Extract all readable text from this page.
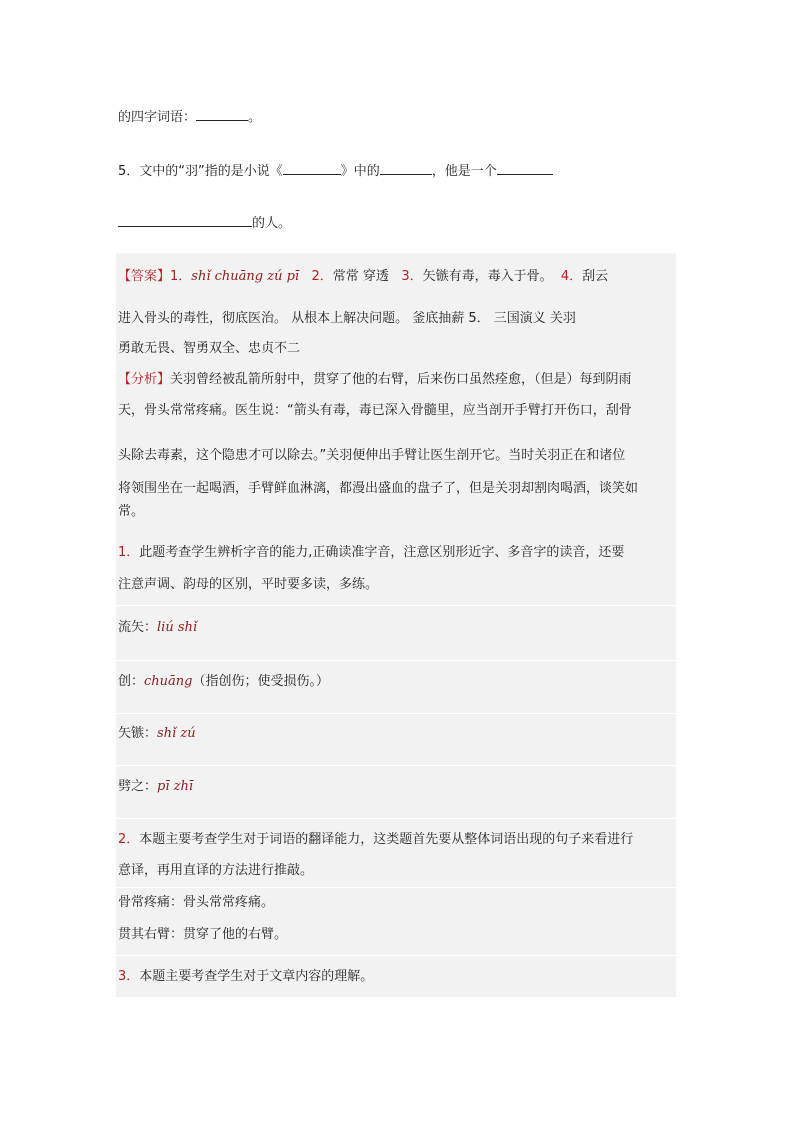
的四字词语：	。
5．文中的“羽”指的是小说《	》中的	，他是一个
的人。
【答案】1．shǐ chuāng zú pī 2．常常 穿透 3．矢镞有毒，毒入于骨。 4．刮云
进入骨头的毒性，彻底医治。 从根本上解决问题。 釜底抽薪 5． 三国演义 关羽
勇敢无畏、智勇双全、忠贞不二
【分析】关羽曾经被乱箭所射中，贯穿了他的右臂，后来伤口虽然痊愈，（但是）每到阴雨
天，骨头常常疼痛。医生说：“箭头有毒，毒已深入骨髓里，应当剖开手臂打开伤口，刮骨
头除去毒素，这个隐患才可以除去。”关羽便伸出手臂让医生剖开它。当时关羽正在和诸位
将领围坐在一起喝酒，手臂鲜血淋漓，都漫出盛血的盘子了，但是关羽却割肉喝酒，谈笑如
常。
1．此题考查学生辨析字音的能力,正确读准字音，注意区别形近字、多音字的读音，还要
注意声调、韵母的区别，平时要多读，多练。
流矢：liú shǐ
创：chuāng（指创伤；使受损伤。）
矢镞：shǐ zú
劈之：pī zhī
2．本题主要考查学生对于词语的翻译能力，这类题首先要从整体词语出现的句子来看进行
意译，再用直译的方法进行推敲。
骨常疼痛：骨头常常疼痛。
贯其右臂：贯穿了他的右臂。
3．本题主要考查学生对于文章内容的理解。
